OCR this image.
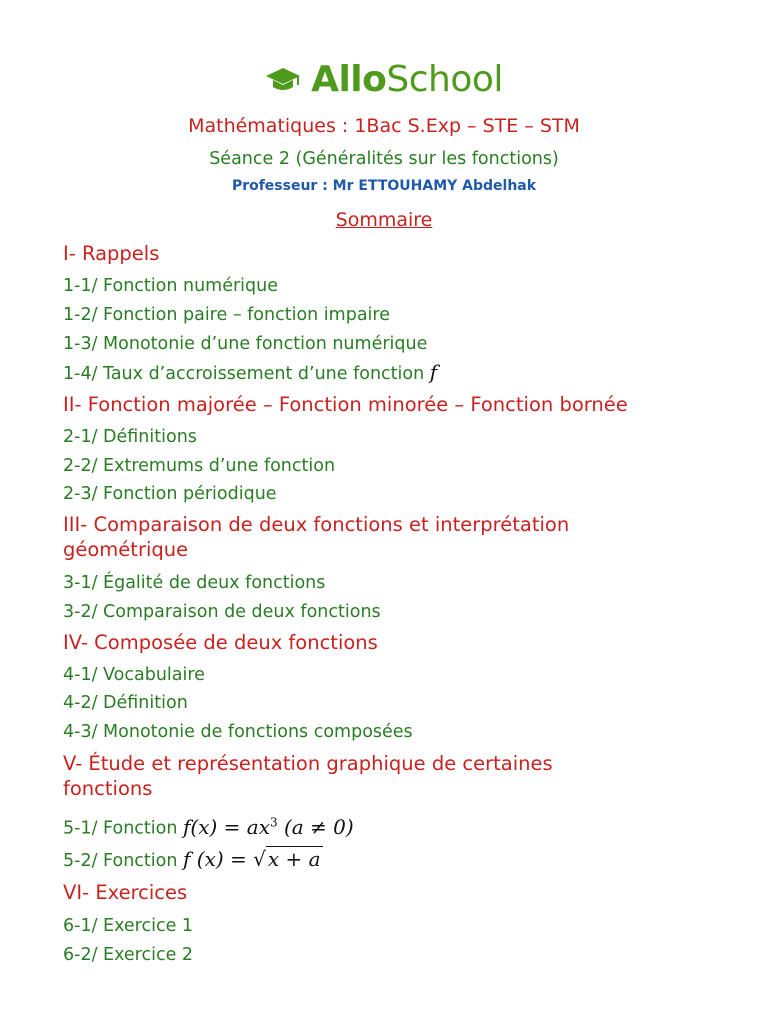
AlloSchool
Mathématiques : 1Bac S.Exp – STE – STM
Séance 2 (Généralités sur les fonctions)
Professeur : Mr ETTOUHAMY Abdelhak
Sommaire
I- Rappels
1-1/ Fonction numérique
1-2/ Fonction paire – fonction impaire
1-3/ Monotonie d’une fonction numérique
1-4/ Taux d’accroissement d’une fonction f
II- Fonction majorée – Fonction minorée – Fonction bornée
2-1/ Définitions
2-2/ Extremums d’une fonction
2-3/ Fonction périodique
III- Comparaison de deux fonctions et interprétation géométrique
3-1/ Égalité de deux fonctions
3-2/ Comparaison de deux fonctions
IV- Composée de deux fonctions
4-1/ Vocabulaire
4-2/ Définition
4-3/ Monotonie de fonctions composées
V- Étude et représentation graphique de certaines fonctions
5-1/ Fonction $f(x) = ax^3$ (a ≠ 0)
5-2/ Fonction f (x) = √ x + a
VI- Exercices
6-1/ Exercice 1
6-2/ Exercice 2
